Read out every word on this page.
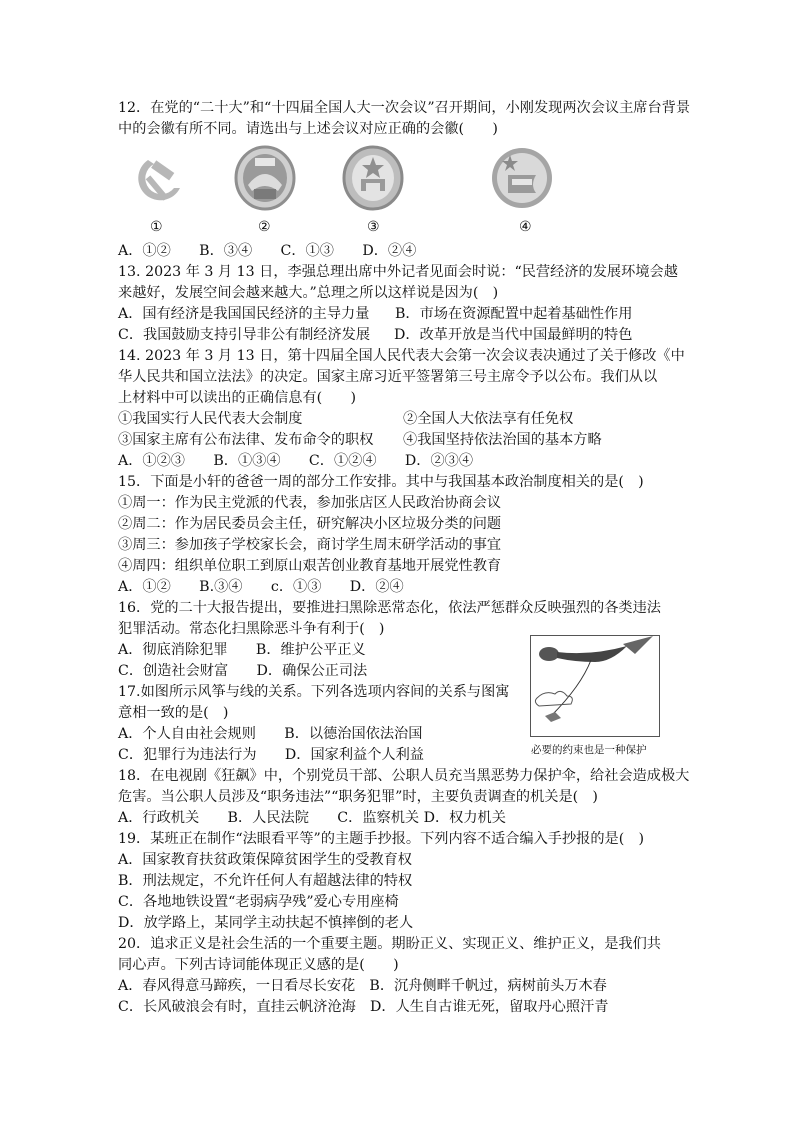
12．在党的“二十大”和“十四届全国人大一次会议”召开期间，小刚发现两次会议主席台背景
中的会徽有所不同。请选出与上述会议对应正确的会徽(　　)
①	②	③	④
A．①②　　B．③④　　C．①③　　D．②④
13. 2023 年 3 月 13 日，李强总理出席中外记者见面会时说：“民营经济的发展环境会越
来越好，发展空间会越来越大。”总理之所以这样说是因为(　)
A．国有经济是我国国民经济的主导力量 B．市场在资源配置中起着基础性作用
C．我国鼓励支持引导非公有制经济发展 D．改革开放是当代中国最鲜明的特色
14. 2023 年 3 月 13 日，第十四届全国人民代表大会第一次会议表决通过了关于修改《中
华人民共和国立法法》的决定。国家主席习近平签署第三号主席令予以公布。我们从以
上材料中可以读出的正确信息有(　　)
①我国实行人民代表大会制度	②全国人大依法享有任免权
③国家主席有公布法律、发布命令的职权 ④我国坚持依法治国的基本方略
A．①②③　　B．①③④　　C．①②④　　D．②③④
15．下面是小轩的爸爸一周的部分工作安排。其中与我国基本政治制度相关的是(　)
①周一：作为民主党派的代表，参加张店区人民政治协商会议
②周二：作为居民委员会主任，研究解决小区垃圾分类的问题
③周三：参加孩子学校家长会，商讨学生周末研学活动的事宜
④周四：组织单位职工到原山艰苦创业教育基地开展党性教育
A．①②　　B.③④　　c．①③　　D．②④
16．党的二十大报告提出，要推进扫黑除恶常态化，依法严惩群众反映强烈的各类违法
犯罪活动。常态化扫黑除恶斗争有利于(　)
A．彻底消除犯罪　　B．维护公平正义
C．创造社会财富　　D．确保公正司法
必要的约束也是一种保护
17.如图所示风筝与线的关系。下列各选项内容间的关系与图寓
意相一致的是(　)
A．个人自由社会规则　　B．以德治国依法治国
C．犯罪行为违法行为　　D．国家利益个人利益
18．在电视剧《狂飙》中，个别党员干部、公职人员充当黑恶势力保护伞，给社会造成极大
危害。当公职人员涉及“职务违法”“职务犯罪”时，主要负责调查的机关是(　)
A．行政机关　　B．人民法院　　C．监察机关 D．权力机关
19．某班正在制作“法眼看平等”的主题手抄报。下列内容不适合编入手抄报的是(　)
A．国家教育扶贫政策保障贫困学生的受教育权
B．刑法规定，不允许任何人有超越法律的特权
C．各地地铁设置“老弱病孕残”爱心专用座椅
D．放学路上，某同学主动扶起不慎摔倒的老人
20．追求正义是社会生活的一个重要主题。期盼正义、实现正义、维护正义，是我们共
同心声。下列古诗词能体现正义感的是(　　)
A．春风得意马蹄疾，一日看尽长安花　B．沉舟侧畔千帆过，病树前头万木春
C．长风破浪会有时，直挂云帆济沧海　D．人生自古谁无死，留取丹心照汗青
